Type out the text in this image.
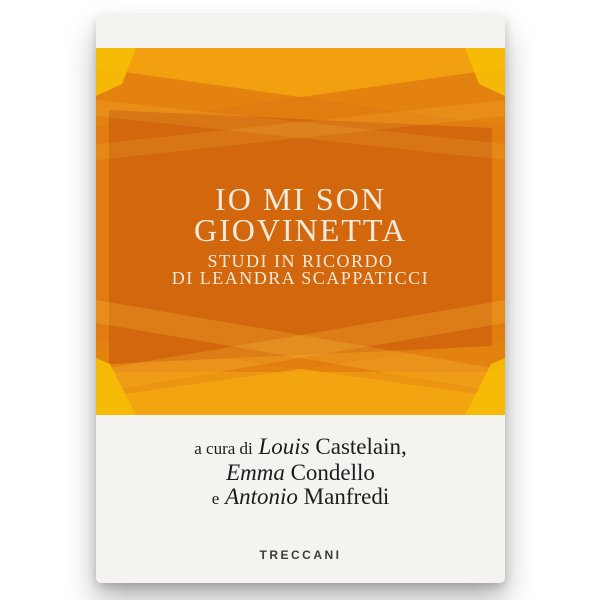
IO MI SON
GIOVINETTA
STUDI IN RICORDO
DI LEANDRA SCAPPATICCI
a cura di Louis Castelain,
Emma Condello
e Antonio Manfredi
TRECCANI
